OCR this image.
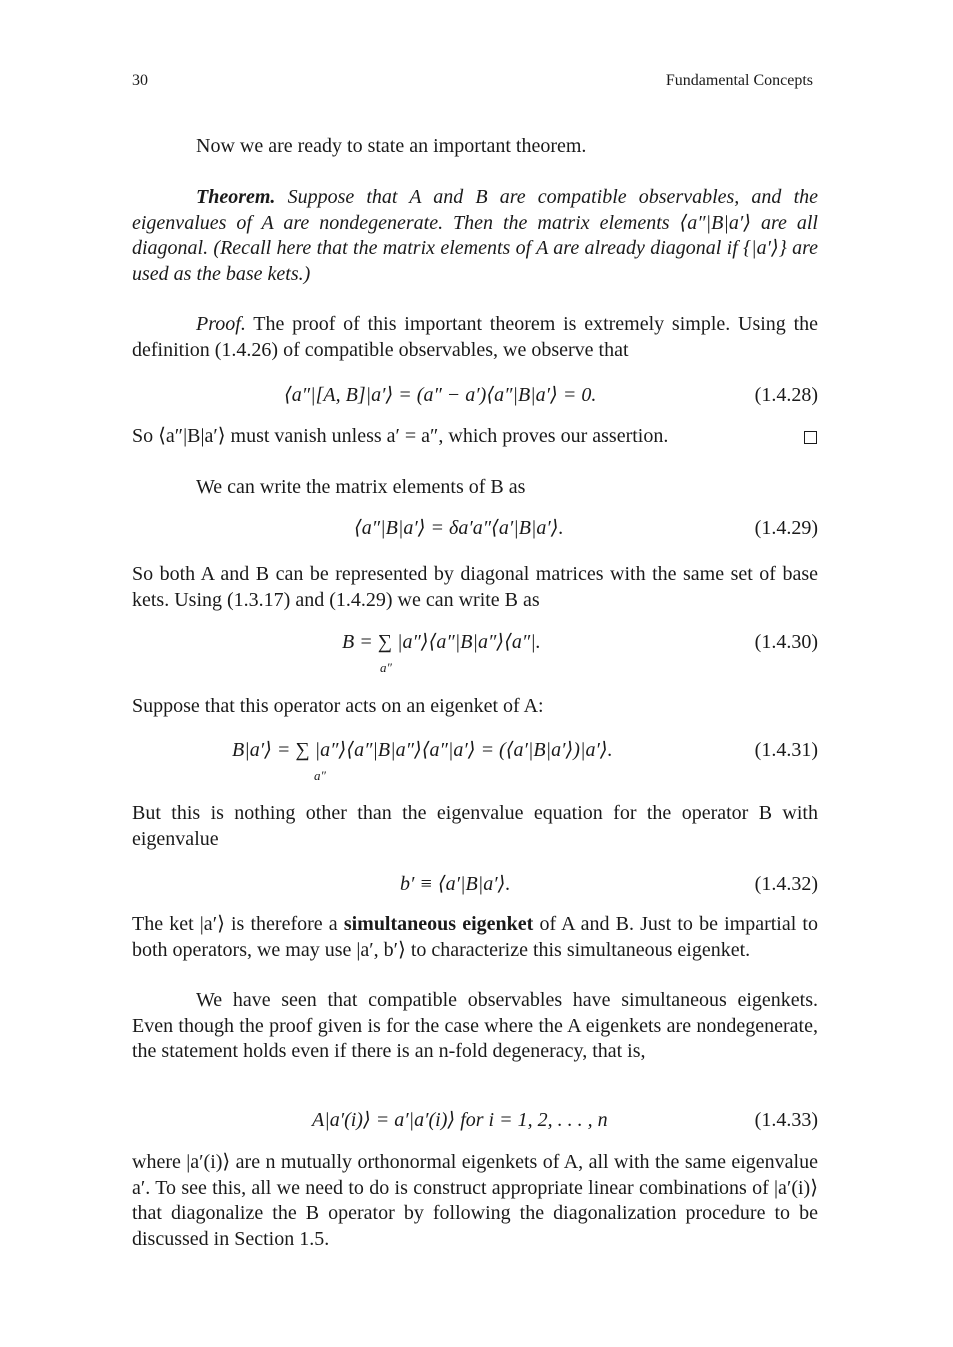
30	Fundamental Concepts

Now we are ready to state an important theorem.

Theorem. Suppose that A and B are compatible observables, and the eigenvalues of A are nondegenerate. Then the matrix elements ⟨a″|B|a′⟩ are all diagonal. (Recall here that the matrix elements of A are already diagonal if {|a′⟩} are used as the base kets.)

Proof. The proof of this important theorem is extremely simple. Using the definition (1.4.26) of compatible observables, we observe that

⟨a″|[A, B]|a′⟩ = (a″ − a′)⟨a″|B|a′⟩ = 0.	(1.4.28)

So ⟨a″|B|a′⟩ must vanish unless a′ = a″, which proves our assertion.

We can write the matrix elements of B as

⟨a″|B|a′⟩ = δa′a″⟨a′|B|a′⟩.	(1.4.29)

So both A and B can be represented by diagonal matrices with the same set of base kets. Using (1.3.17) and (1.4.29) we can write B as

B = ∑ |a″⟩⟨a″|B|a″⟩⟨a″|.
a″
(1.4.30)

Suppose that this operator acts on an eigenket of A:

B|a′⟩ = ∑ |a″⟩⟨a″|B|a″⟩⟨a″|a′⟩ = (⟨a′|B|a′⟩)|a′⟩.
a″
(1.4.31)

But this is nothing other than the eigenvalue equation for the operator B with eigenvalue

b′ ≡ ⟨a′|B|a′⟩.	(1.4.32)

The ket |a′⟩ is therefore a simultaneous eigenket of A and B. Just to be impartial to both operators, we may use |a′, b′⟩ to characterize this simultaneous eigenket.

We have seen that compatible observables have simultaneous eigenkets. Even though the proof given is for the case where the A eigenkets are nondegenerate, the statement holds even if there is an n-fold degeneracy, that is,

A|a′(i)⟩ = a′|a′(i)⟩ for i = 1, 2, . . . , n	(1.4.33)

where |a′(i)⟩ are n mutually orthonormal eigenkets of A, all with the same eigenvalue a′. To see this, all we need to do is construct appropriate linear combinations of |a′(i)⟩ that diagonalize the B operator by following the diagonalization procedure to be discussed in Section 1.5.
